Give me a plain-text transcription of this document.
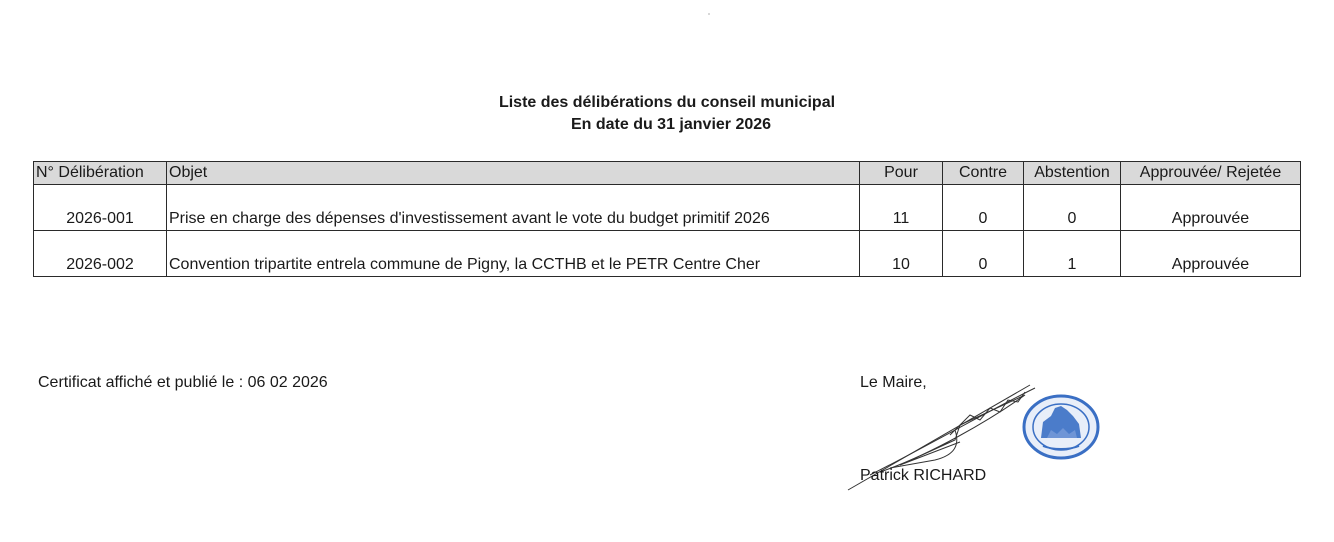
Liste des délibérations du conseil municipal
En date du 31 janvier 2026
N° Délibération	Objet	Pour	Contre	Abstention	Approuvée/ Rejetée
2026-001	Prise en charge des dépenses d'investissement avant le vote du budget primitif 2026	11	0	0	Approuvée
2026-002	Convention tripartite entrela commune de Pigny, la CCTHB et le PETR Centre Cher	10	0	1	Approuvée
Certificat affiché et publié le : 06 02 2026	Le Maire,
Patrick RICHARD
